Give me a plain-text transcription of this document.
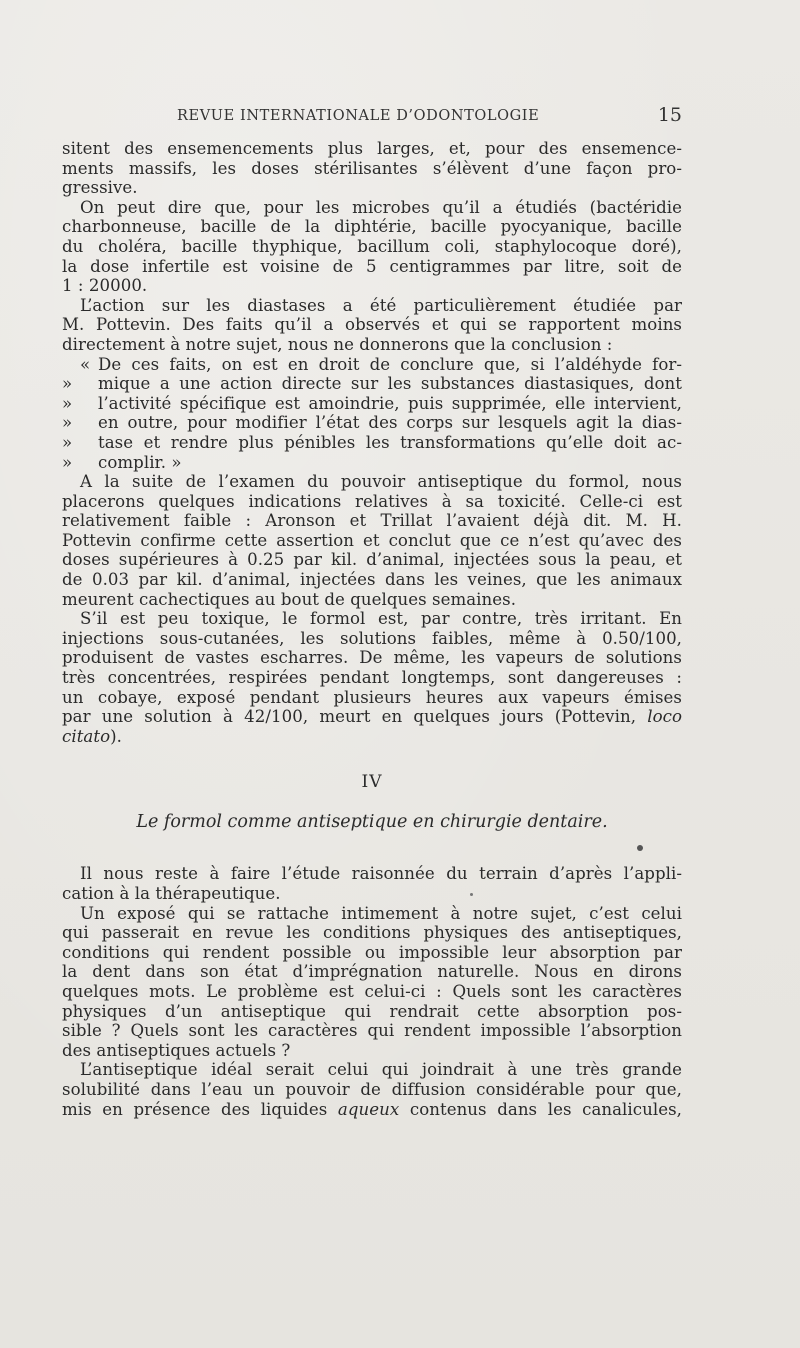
REVUE INTERNATIONALE D’ODONTOLOGIE	15
sitent des ensemencements plus larges, et, pour des ensemence-
ments massifs, les doses stérilisantes s’élèvent d’une façon pro-
gressive.
On peut dire que, pour les microbes qu’il a étudiés (bactéridie
charbonneuse, bacille de la diphtérie, bacille pyocyanique, bacille
du choléra, bacille thyphique, bacillum coli, staphylocoque doré),
la dose infertile est voisine de 5 centigrammes par litre, soit de
1 : 20000.
L’action sur les diastases a été particulièrement étudiée par
M. Pottevin. Des faits qu’il a observés et qui se rapportent moins
directement à notre sujet, nous ne donnerons que la conclusion :
« De ces faits, on est en droit de conclure que, si l’aldéhyde for-
»	mique a une action directe sur les substances diastasiques, dont
»	l’activité spécifique est amoindrie, puis supprimée, elle intervient,
»	en outre, pour modifier l’état des corps sur lesquels agit la dias-
»	tase et rendre plus pénibles les transformations qu’elle doit ac-
»	complir. »
A la suite de l’examen du pouvoir antiseptique du formol, nous
placerons quelques indications relatives à sa toxicité. Celle-ci est
relativement faible : Aronson et Trillat l’avaient déjà dit. M. H.
Pottevin confirme cette assertion et conclut que ce n’est qu’avec des
doses supérieures à 0.25 par kil. d’animal, injectées sous la peau, et
de 0.03 par kil. d’animal, injectées dans les veines, que les animaux
meurent cachectiques au bout de quelques semaines.
S’il est peu toxique, le formol est, par contre, très irritant. En
injections sous-cutanées, les solutions faibles, même à 0.50/100,
produisent de vastes escharres. De même, les vapeurs de solutions
très concentrées, respirées pendant longtemps, sont dangereuses :
un cobaye, exposé pendant plusieurs heures aux vapeurs émises
par une solution à 42/100, meurt en quelques jours (Pottevin, loco
citato).
IV
Le formol comme antiseptique en chirurgie dentaire.
Il nous reste à faire l’étude raisonnée du terrain d’après l’appli-
cation à la thérapeutique.
Un exposé qui se rattache intimement à notre sujet, c’est celui
qui passerait en revue les conditions physiques des antiseptiques,
conditions qui rendent possible ou impossible leur absorption par
la dent dans son état d’imprégnation naturelle. Nous en dirons
quelques mots. Le problème est celui-ci : Quels sont les caractères
physiques d’un antiseptique qui rendrait cette absorption pos-
sible ? Quels sont les caractères qui rendent impossible l’absorption
des antiseptiques actuels ?
L’antiseptique idéal serait celui qui joindrait à une très grande
solubilité dans l’eau un pouvoir de diffusion considérable pour que,
mis en présence des liquides aqueux contenus dans les canalicules,
